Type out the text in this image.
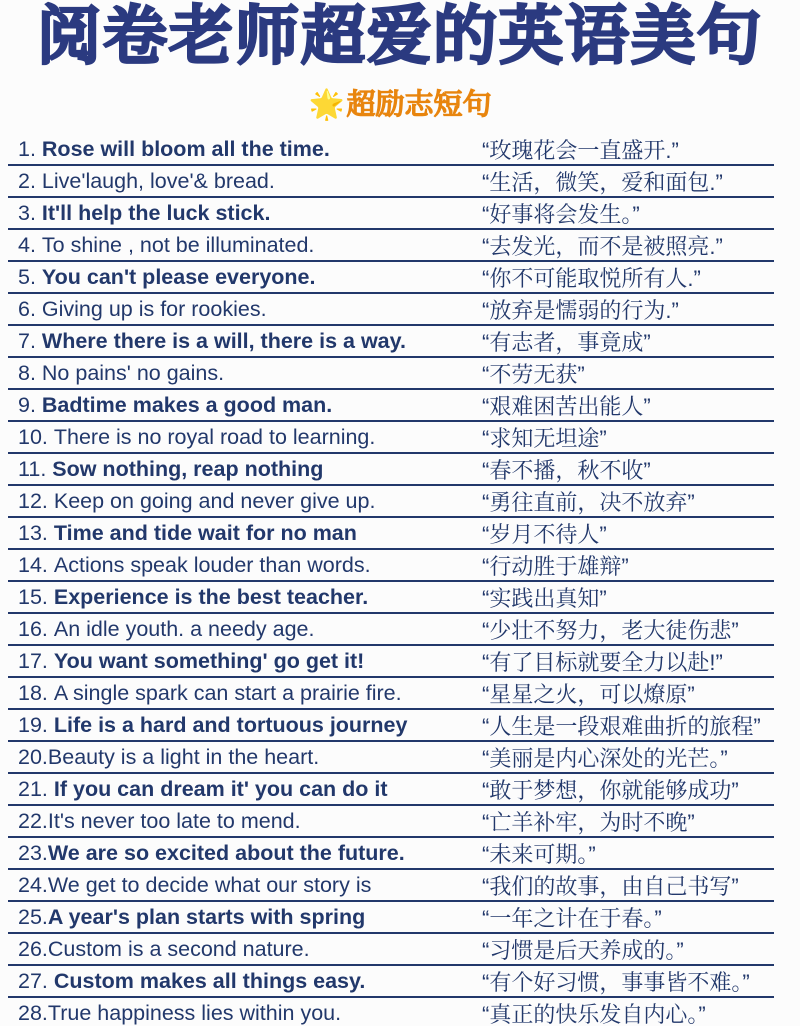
阅卷老师超爱的英语美句
🌟超励志短句
1. Rose will bloom all the time.	“玫瑰花会一直盛开.”
2. Live'laugh, love'& bread.	“生活，微笑，爱和面包.”
3. It'll help the luck stick.	“好事将会发生。”
4. To shine , not be illuminated.	“去发光，而不是被照亮.”
5. You can't please everyone.	“你不可能取悦所有人.”
6. Giving up is for rookies.	“放弃是懦弱的行为.”
7. Where there is a will, there is a way.	“有志者，事竟成”
8. No pains' no gains.	“不劳无获”
9. Badtime makes a good man.	“艰难困苦出能人”
10. There is no royal road to learning.	“求知无坦途”
11. Sow nothing, reap nothing	“春不播，秋不收”
12. Keep on going and never give up.	“勇往直前，决不放弃”
13. Time and tide wait for no man	“岁月不待人”
14. Actions speak louder than words.	“行动胜于雄辩”
15. Experience is the best teacher.	“实践出真知”
16. An idle youth. a needy age.	“少壮不努力，老大徒伤悲”
17. You want something' go get it!	“有了目标就要全力以赴!”
18. A single spark can start a prairie fire.	“星星之火，可以燎原”
19. Life is a hard and tortuous journey	“人生是一段艰难曲折的旅程”
20.Beauty is a light in the heart.	“美丽是内心深处的光芒。”
21. If you can dream it' you can do it	“敢于梦想，你就能够成功”
22.It's never too late to mend.	“亡羊补牢，为时不晚”
23.We are so excited about the future.	“未来可期。”
24.We get to decide what our story is	“我们的故事，由自己书写”
25.A year's plan starts with spring	“一年之计在于春。”
26.Custom is a second nature.	“习惯是后天养成的。”
27. Custom makes all things easy.	“有个好习惯，事事皆不难。”
28.True happiness lies within you.	“真正的快乐发自内心。”
